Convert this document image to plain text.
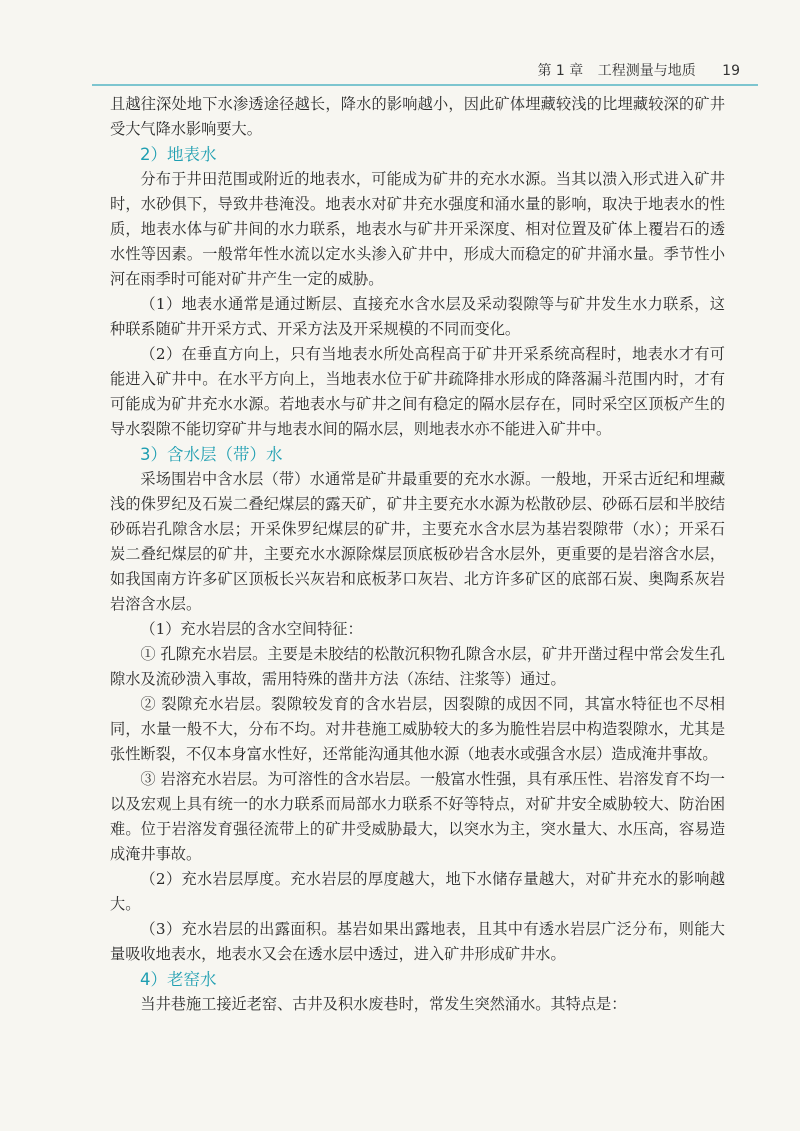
第 1 章 工程测量与地质 19

且越往深处地下水渗透途径越长，降水的影响越小，因此矿体埋藏较浅的比埋藏较深的矿井受大气降水影响要大。

2）地表水

分布于井田范围或附近的地表水，可能成为矿井的充水水源。当其以溃入形式进入矿井时，水砂俱下，导致井巷淹没。地表水对矿井充水强度和涌水量的影响，取决于地表水的性质，地表水体与矿井间的水力联系，地表水与矿井开采深度、相对位置及矿体上覆岩石的透水性等因素。一般常年性水流以定水头渗入矿井中，形成大而稳定的矿井涌水量。季节性小河在雨季时可能对矿井产生一定的威胁。

（1）地表水通常是通过断层、直接充水含水层及采动裂隙等与矿井发生水力联系，这种联系随矿井开采方式、开采方法及开采规模的不同而变化。

（2）在垂直方向上，只有当地表水所处高程高于矿井开采系统高程时，地表水才有可能进入矿井中。在水平方向上，当地表水位于矿井疏降排水形成的降落漏斗范围内时，才有可能成为矿井充水水源。若地表水与矿井之间有稳定的隔水层存在，同时采空区顶板产生的导水裂隙不能切穿矿井与地表水间的隔水层，则地表水亦不能进入矿井中。

3）含水层（带）水

采场围岩中含水层（带）水通常是矿井最重要的充水水源。一般地，开采古近纪和埋藏浅的侏罗纪及石炭二叠纪煤层的露天矿，矿井主要充水水源为松散砂层、砂砾石层和半胶结砂砾岩孔隙含水层；开采侏罗纪煤层的矿井，主要充水含水层为基岩裂隙带（水）；开采石炭二叠纪煤层的矿井，主要充水水源除煤层顶底板砂岩含水层外，更重要的是岩溶含水层，如我国南方许多矿区顶板长兴灰岩和底板茅口灰岩、北方许多矿区的底部石炭、奥陶系灰岩岩溶含水层。

（1）充水岩层的含水空间特征：

① 孔隙充水岩层。主要是未胶结的松散沉积物孔隙含水层，矿井开凿过程中常会发生孔隙水及流砂溃入事故，需用特殊的凿井方法（冻结、注浆等）通过。

② 裂隙充水岩层。裂隙较发育的含水岩层，因裂隙的成因不同，其富水特征也不尽相同，水量一般不大，分布不均。对井巷施工威胁较大的多为脆性岩层中构造裂隙水，尤其是张性断裂，不仅本身富水性好，还常能沟通其他水源（地表水或强含水层）造成淹井事故。

③ 岩溶充水岩层。为可溶性的含水岩层。一般富水性强，具有承压性、岩溶发育不均一以及宏观上具有统一的水力联系而局部水力联系不好等特点，对矿井安全威胁较大、防治困难。位于岩溶发育强径流带上的矿井受威胁最大，以突水为主，突水量大、水压高，容易造成淹井事故。

（2）充水岩层厚度。充水岩层的厚度越大，地下水储存量越大，对矿井充水的影响越大。

（3）充水岩层的出露面积。基岩如果出露地表，且其中有透水岩层广泛分布，则能大量吸收地表水，地表水又会在透水层中透过，进入矿井形成矿井水。

4）老窑水

当井巷施工接近老窑、古井及积水废巷时，常发生突然涌水。其特点是：
